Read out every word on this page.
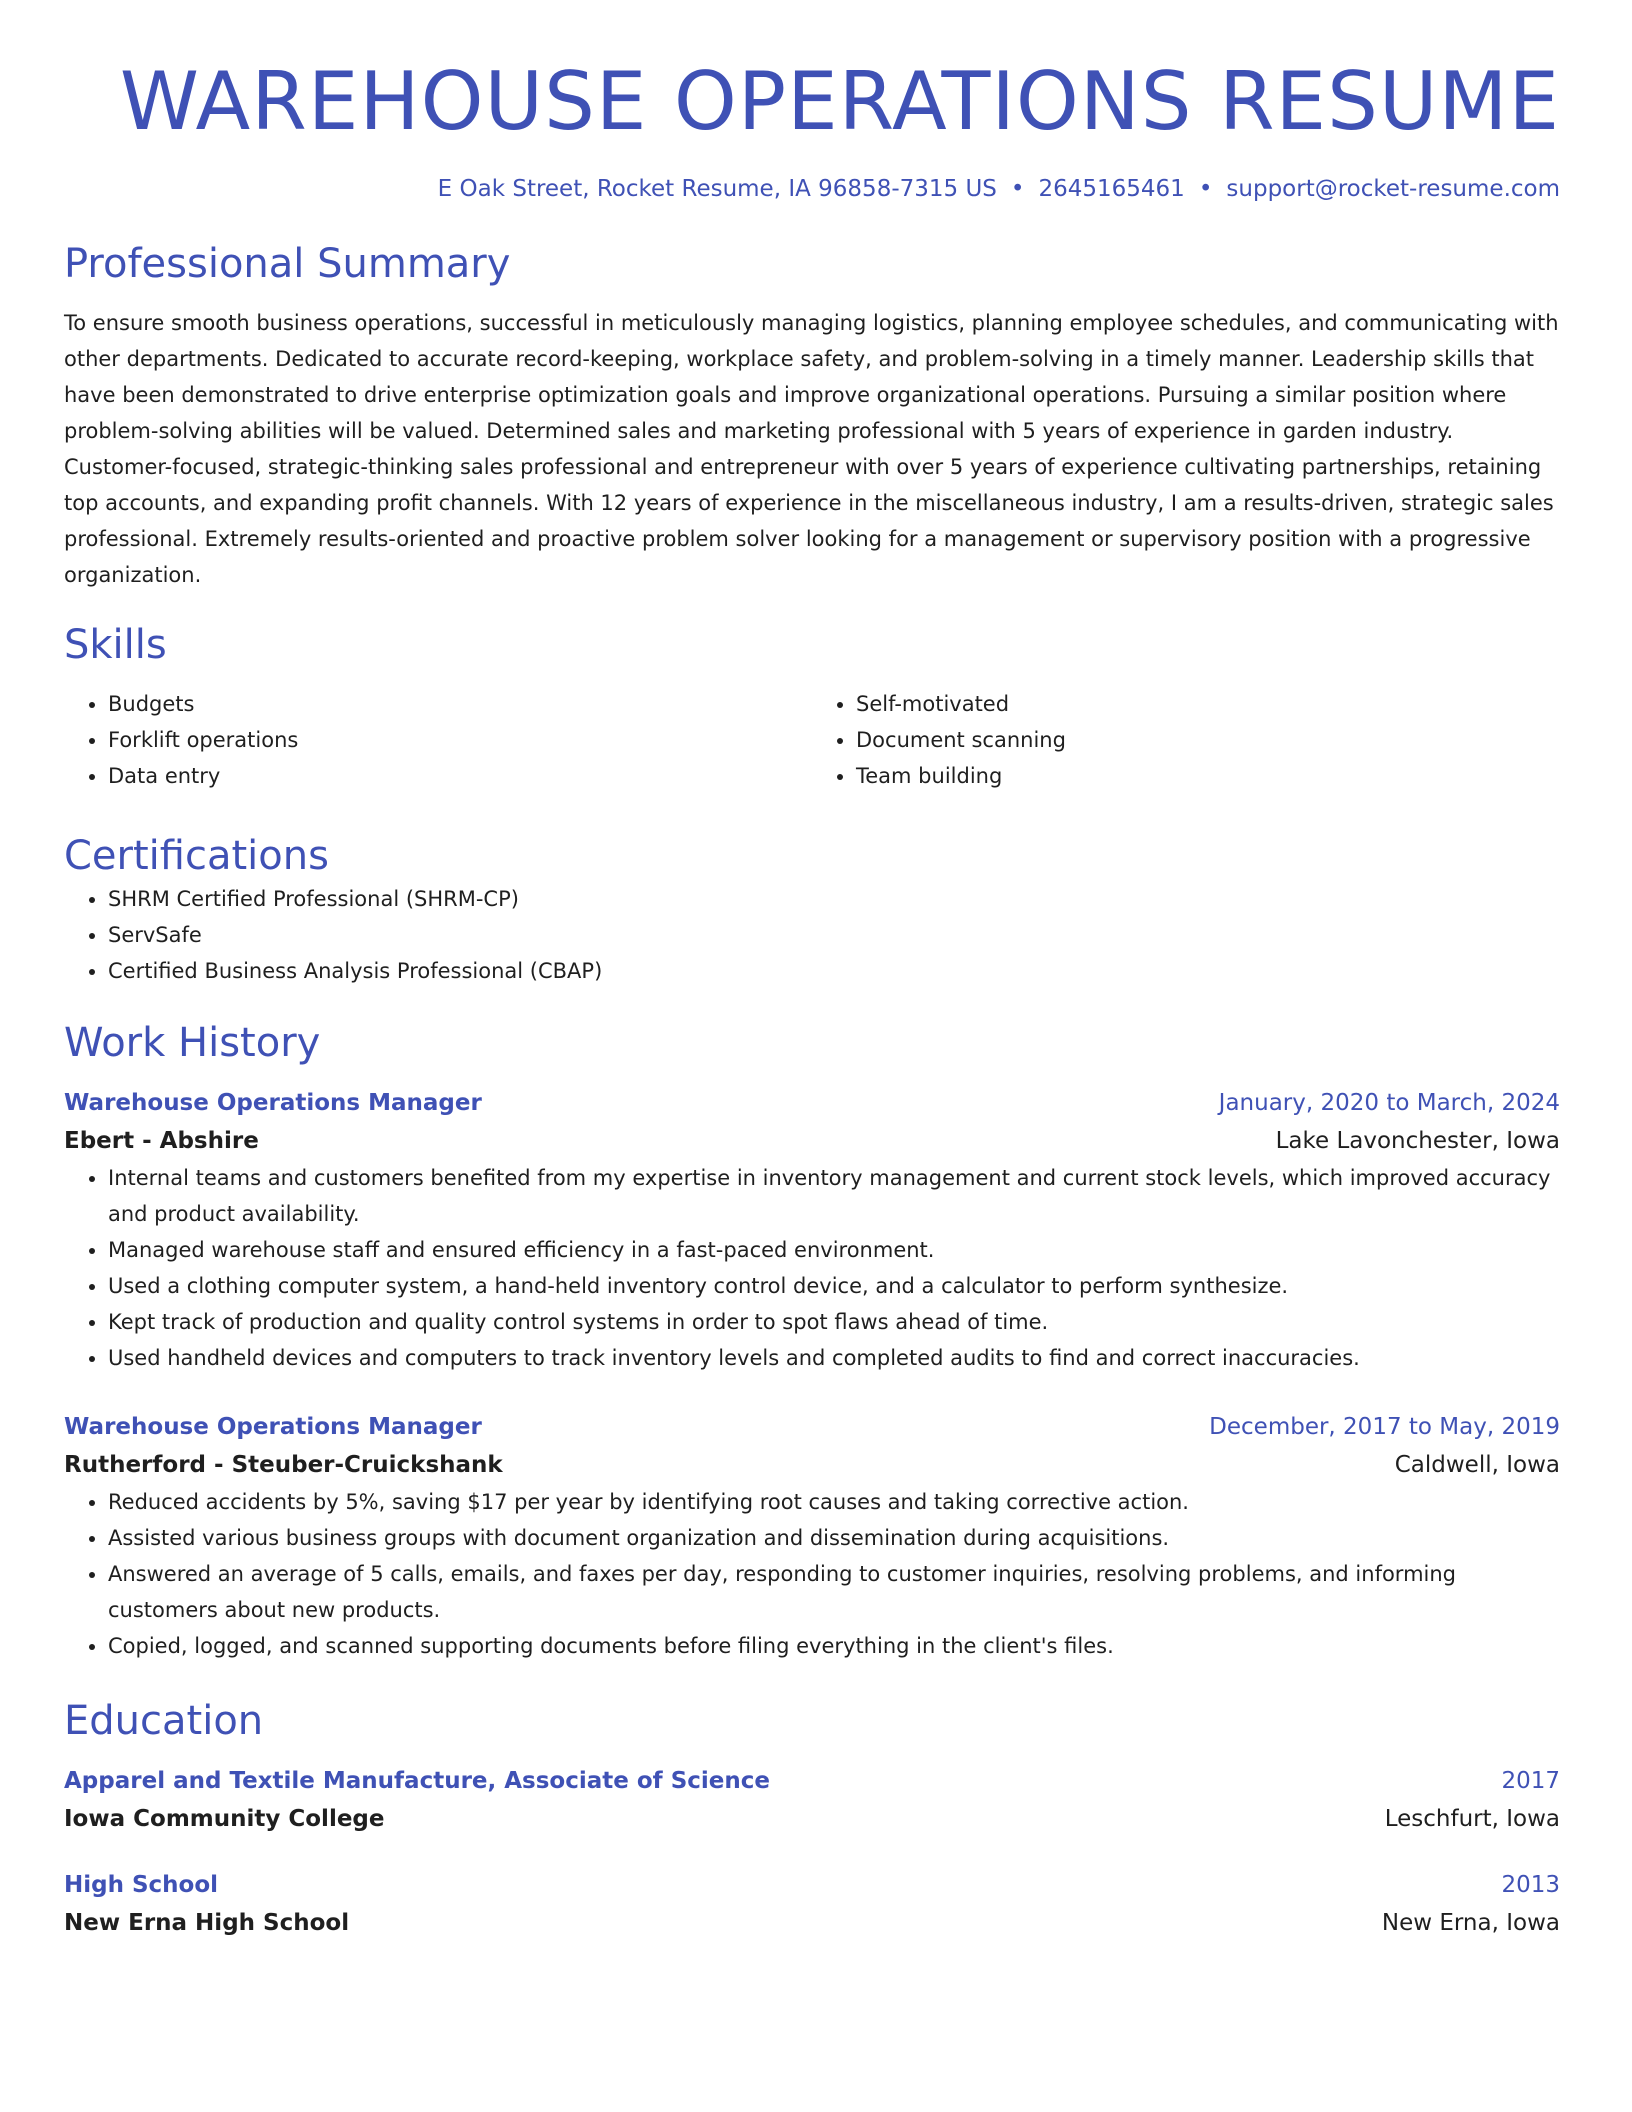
WAREHOUSE OPERATIONS RESUME
E Oak Street, Rocket Resume, IA 96858-7315 US • 2645165461 • support@rocket-resume.com
Professional Summary

To ensure smooth business operations, successful in meticulously managing logistics, planning employee schedules, and communicating with other departments. Dedicated to accurate record-keeping, workplace safety, and problem-solving in a timely manner. Leadership skills that have been demonstrated to drive enterprise optimization goals and improve organizational operations. Pursuing a similar position where problem-solving abilities will be valued. Determined sales and marketing professional with 5 years of experience in garden industry. Customer-focused, strategic-thinking sales professional and entrepreneur with over 5 years of experience cultivating partnerships, retaining top accounts, and expanding profit channels. With 12 years of experience in the miscellaneous industry, I am a results-driven, strategic sales professional. Extremely results-oriented and proactive problem solver looking for a management or supervisory position with a progressive organization.

Skills
• Budgets
• Forklift operations
• Data entry
• Self-motivated
• Document scanning
• Team building
Certifications
• SHRM Certified Professional (SHRM-CP)
• ServSafe
• Certified Business Analysis Professional (CBAP)
Work History
Warehouse Operations Manager	January, 2020 to March, 2024
Ebert - Abshire	Lake Lavonchester, Iowa
• Internal teams and customers benefited from my expertise in inventory management and current stock levels, which improved accuracy and product availability.
• Managed warehouse staff and ensured efficiency in a fast-paced environment.
• Used a clothing computer system, a hand-held inventory control device, and a calculator to perform synthesize.
• Kept track of production and quality control systems in order to spot flaws ahead of time.
• Used handheld devices and computers to track inventory levels and completed audits to find and correct inaccuracies.
Warehouse Operations Manager	December, 2017 to May, 2019
Rutherford - Steuber-Cruickshank	Caldwell, Iowa
• Reduced accidents by 5%, saving $17 per year by identifying root causes and taking corrective action.
• Assisted various business groups with document organization and dissemination during acquisitions.
• Answered an average of 5 calls, emails, and faxes per day, responding to customer inquiries, resolving problems, and informing customers about new products.
• Copied, logged, and scanned supporting documents before filing everything in the client's files.
Education
Apparel and Textile Manufacture, Associate of Science	2017
Iowa Community College	Leschfurt, Iowa
High School	2013
New Erna High School	New Erna, Iowa
